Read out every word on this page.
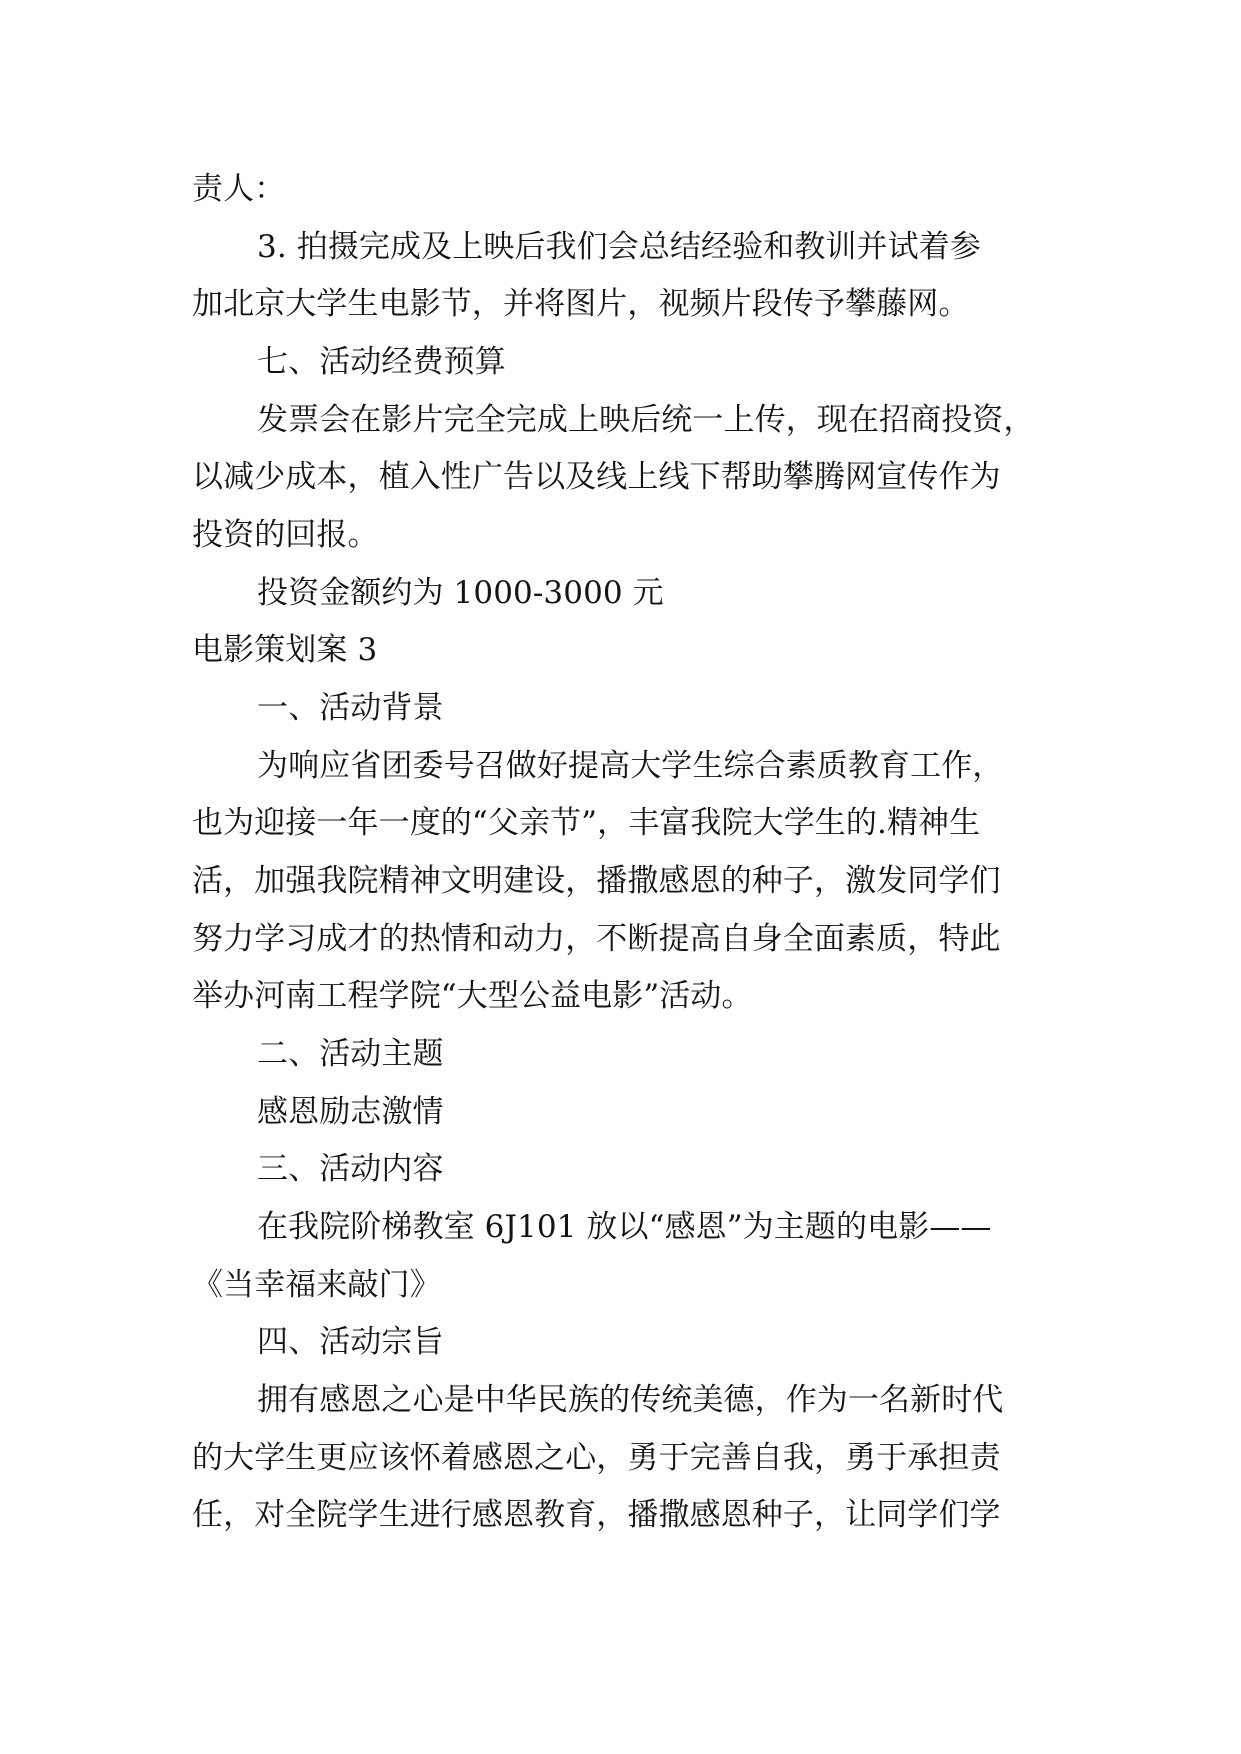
责人：
3. 拍摄完成及上映后我们会总结经验和教训并试着参
加北京大学生电影节，并将图片，视频片段传予攀藤网。
七、活动经费预算
发票会在影片完全完成上映后统一上传，现在招商投资，
以减少成本，植入性广告以及线上线下帮助攀腾网宣传作为
投资的回报。
投资金额约为 1000-3000 元
电影策划案 3
一、活动背景
为响应省团委号召做好提高大学生综合素质教育工作，
也为迎接一年一度的“父亲节”，丰富我院大学生的.精神生
活，加强我院精神文明建设，播撒感恩的种子，激发同学们
努力学习成才的热情和动力，不断提高自身全面素质，特此
举办河南工程学院“大型公益电影”活动。
二、活动主题
感恩励志激情
三、活动内容
在我院阶梯教室 6J101 放以“感恩”为主题的电影——
《当幸福来敲门》
四、活动宗旨
拥有感恩之心是中华民族的传统美德，作为一名新时代
的大学生更应该怀着感恩之心，勇于完善自我，勇于承担责
任，对全院学生进行感恩教育，播撒感恩种子，让同学们学
